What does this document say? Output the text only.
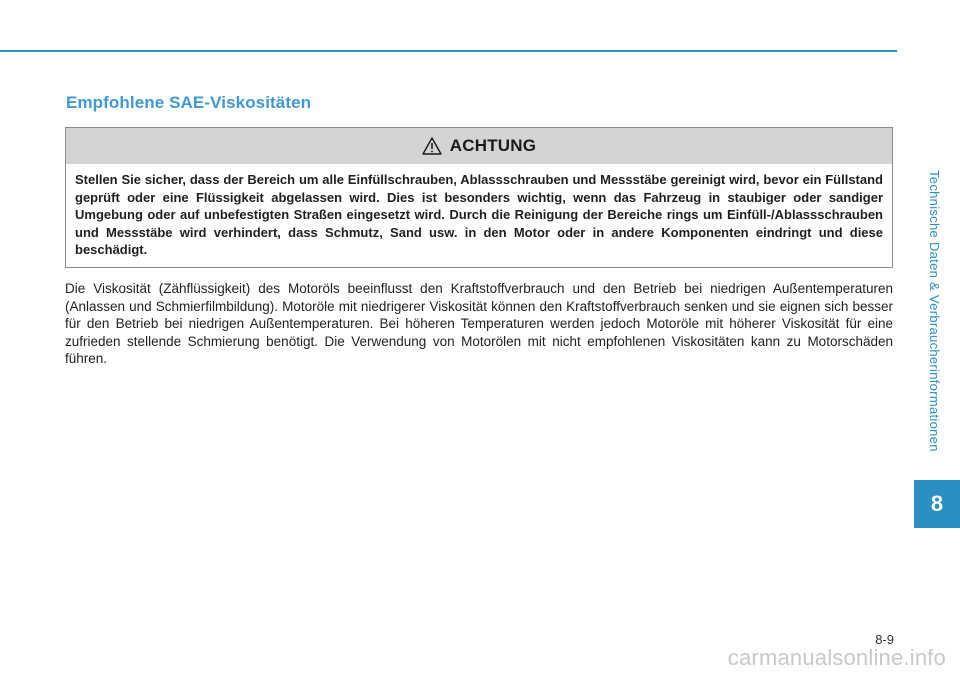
Empfohlene SAE-Viskositäten
ACHTUNG
Stellen Sie sicher, dass der Bereich um alle Einfüllschrauben, Ablassschrauben und Messstäbe gereinigt wird, bevor ein Füllstand geprüft oder eine Flüssigkeit abgelassen wird. Dies ist besonders wichtig, wenn das Fahrzeug in staubiger oder sandiger Umgebung oder auf unbefestigten Straßen eingesetzt wird. Durch die Reinigung der Bereiche rings um Einfüll-/Ablassschrauben und Messstäbe wird verhindert, dass Schmutz, Sand usw. in den Motor oder in andere Komponenten eindringt und diese beschädigt.
Die Viskosität (Zähflüssigkeit) des Motoröls beeinflusst den Kraftstoffverbrauch und den Betrieb bei niedrigen Außentemperaturen (Anlassen und Schmierfilmbildung). Motoröle mit niedrigerer Viskosität können den Kraftstoffverbrauch senken und sie eignen sich besser für den Betrieb bei niedrigen Außentemperaturen. Bei höheren Temperaturen werden jedoch Motoröle mit höherer Viskosität für eine zufrieden stellende Schmierung benötigt. Die Verwendung von Motorölen mit nicht empfohlenen Viskositäten kann zu Motorschäden führen.	Technische Daten & Verbraucherinformationen
8
8-9
carmanualsonline.info
